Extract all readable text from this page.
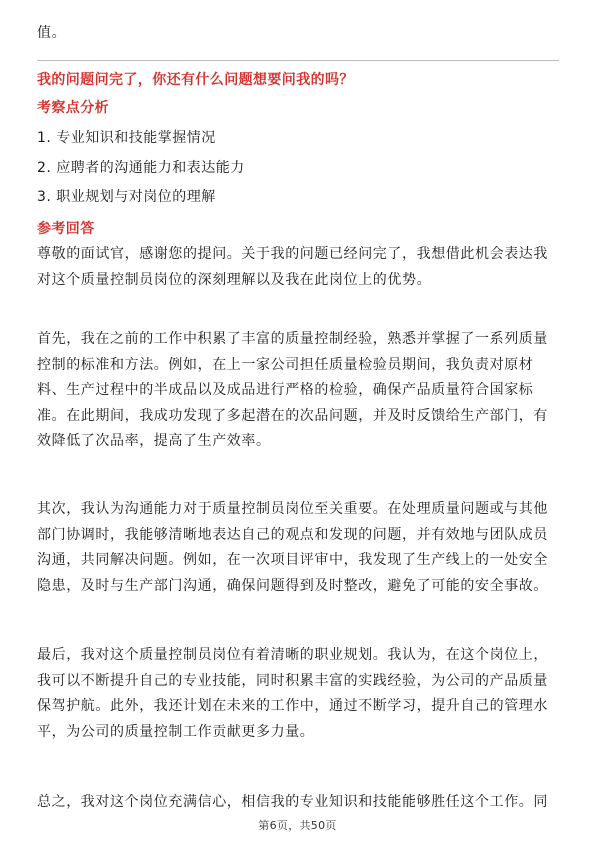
值。

我的问题问完了，你还有什么问题想要问我的吗？

考察点分析

1. 专业知识和技能掌握情况
2. 应聘者的沟通能力和表达能力
3. 职业规划与对岗位的理解

参考回答

尊敬的面试官，感谢您的提问。关于我的问题已经问完了，我想借此机会表达我对这个质量控制员岗位的深刻理解以及我在此岗位上的优势。

首先，我在之前的工作中积累了丰富的质量控制经验，熟悉并掌握了一系列质量控制的标准和方法。例如，在上一家公司担任质量检验员期间，我负责对原材料、生产过程中的半成品以及成品进行严格的检验，确保产品质量符合国家标准。在此期间，我成功发现了多起潜在的次品问题，并及时反馈给生产部门，有效降低了次品率，提高了生产效率。

其次，我认为沟通能力对于质量控制员岗位至关重要。在处理质量问题或与其他部门协调时，我能够清晰地表达自己的观点和发现的问题，并有效地与团队成员沟通，共同解决问题。例如，在一次项目评审中，我发现了生产线上的一处安全隐患，及时与生产部门沟通，确保问题得到及时整改，避免了可能的安全事故。

最后，我对这个质量控制员岗位有着清晰的职业规划。我认为，在这个岗位上，我可以不断提升自己的专业技能，同时积累丰富的实践经验，为公司的产品质量保驾护航。此外，我还计划在未来的工作中，通过不断学习，提升自己的管理水平，为公司的质量控制工作贡献更多力量。

总之，我对这个岗位充满信心，相信我的专业知识和技能能够胜任这个工作。同

第6页，共50页
